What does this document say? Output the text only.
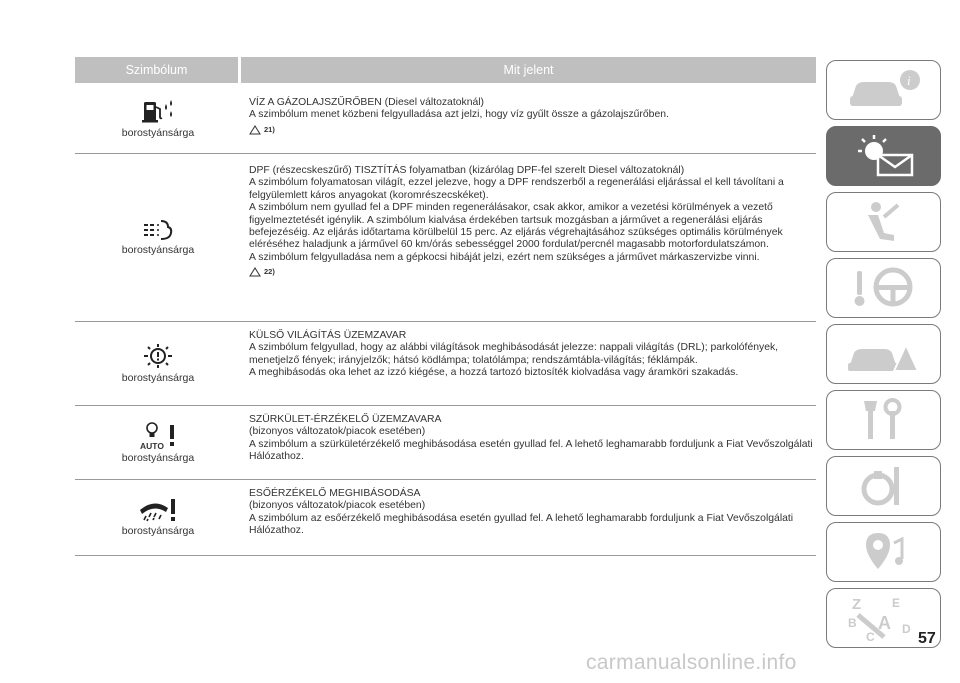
Szimbólum	Mit jelent
borostyánsárga

VÍZ A GÁZOLAJSZŰRŐBEN (Diesel változatoknál)

A szimbólum menet közbeni felgyulladása azt jelzi, hogy víz gyűlt össze a gázolajszűrőben.

21)
borostyánsárga

DPF (részecskeszűrő) TISZTÍTÁS folyamatban (kizárólag DPF-fel szerelt Diesel változatoknál)

A szimbólum folyamatosan világít, ezzel jelezve, hogy a DPF rendszerből a regenerálási eljárással el kell távolítani a felgyülemlett káros anyagokat (koromrészecskéket).

A szimbólum nem gyullad fel a DPF minden regenerálásakor, csak akkor, amikor a vezetési körülmények a vezető figyelmeztetését igénylik. A szimbólum kialvása érdekében tartsuk mozgásban a járművet a regenerálási eljárás befejezéséig. Az eljárás időtartama körülbelül 15 perc. Az eljárás végrehajtásához szükséges optimális körülmények eléréséhez haladjunk a járművel 60 km/órás sebességgel 2000 fordulat/percnél magasabb motorfordulatszámon.

A szimbólum felgyulladása nem a gépkocsi hibáját jelzi, ezért nem szükséges a járművet márkaszervizbe vinni.

22)
borostyánsárga

KÜLSŐ VILÁGÍTÁS ÜZEMZAVAR

A szimbólum felgyullad, hogy az alábbi világítások meghibásodását jelezze: nappali világítás (DRL); parkolófények, menetjelző fények; irányjelzők; hátsó ködlámpa; tolatólámpa; rendszámtábla-világítás; féklámpák.

A meghibásodás oka lehet az izzó kiégése, a hozzá tartozó biztosíték kiolvadása vagy áramköri szakadás.

AUTO
borostyánsárga

SZÜRKÜLET-ÉRZÉKELŐ ÜZEMZAVARA

(bizonyos változatok/piacok esetében)

A szimbólum a szürkületérzékelő meghibásodása esetén gyullad fel. A lehető leghamarabb forduljunk a Fiat Vevőszolgálati Hálózathoz.

borostyánsárga

ESŐÉRZÉKELŐ MEGHIBÁSODÁSA

(bizonyos változatok/piacok esetében)

A szimbólum az esőérzékelő meghibásodása esetén gyullad fel. A lehető leghamarabb forduljunk a Fiat Vevőszolgálati Hálózathoz.

i
Z	E
B A
C
D
57
carmanualsonline.info
